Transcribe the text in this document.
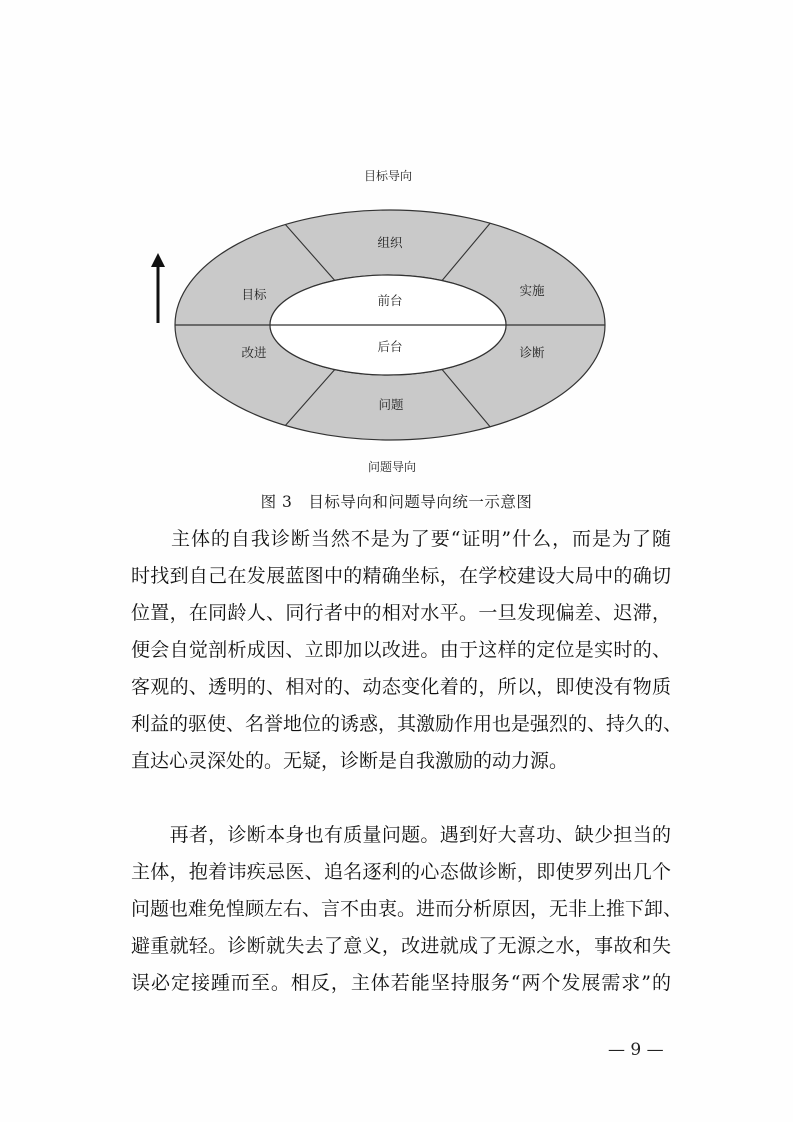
目标导向
问题导向
组织
实施
诊断
问题
改进
目标	前台
后台
图 3　目标导向和问题导向统一示意图
　　主体的自我诊断当然不是为了要“证明”什么，而是为了随
时找到自己在发展蓝图中的精确坐标，在学校建设大局中的确切
位置，在同龄人、同行者中的相对水平。一旦发现偏差、迟滞，
便会自觉剖析成因、立即加以改进。由于这样的定位是实时的、
客观的、透明的、相对的、动态变化着的，所以，即使没有物质
利益的驱使、名誉地位的诱惑，其激励作用也是强烈的、持久的、
直达心灵深处的。无疑，诊断是自我激励的动力源。
　　再者，诊断本身也有质量问题。遇到好大喜功、缺少担当的
主体，抱着讳疾忌医、追名逐利的心态做诊断，即使罗列出几个
问题也难免惶顾左右、言不由衷。进而分析原因，无非上推下卸、
避重就轻。诊断就失去了意义，改进就成了无源之水，事故和失
误必定接踵而至。相反，主体若能坚持服务“两个发展需求”的
— 9 —
